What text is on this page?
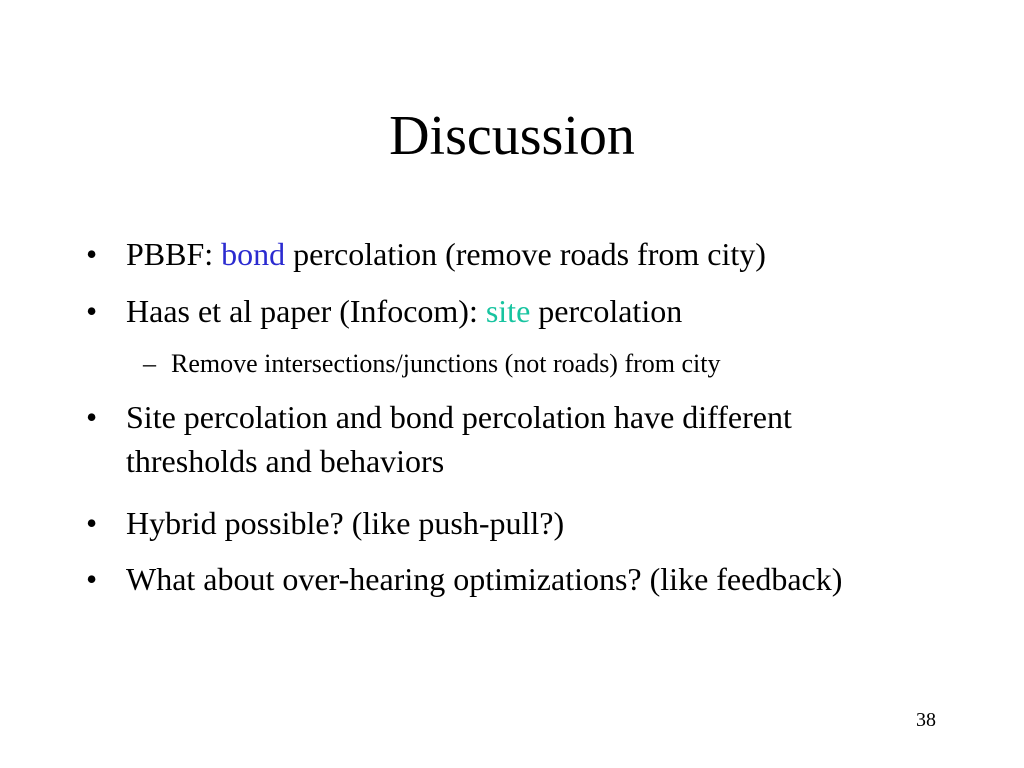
Discussion
• PBBF: bond percolation (remove roads from city)
• Haas et al paper (Infocom): site percolation
– Remove intersections/junctions (not roads) from city
• Site percolation and bond percolation have different thresholds and behaviors
• Hybrid possible? (like push-pull?)
• What about over-hearing optimizations? (like feedback)
38
